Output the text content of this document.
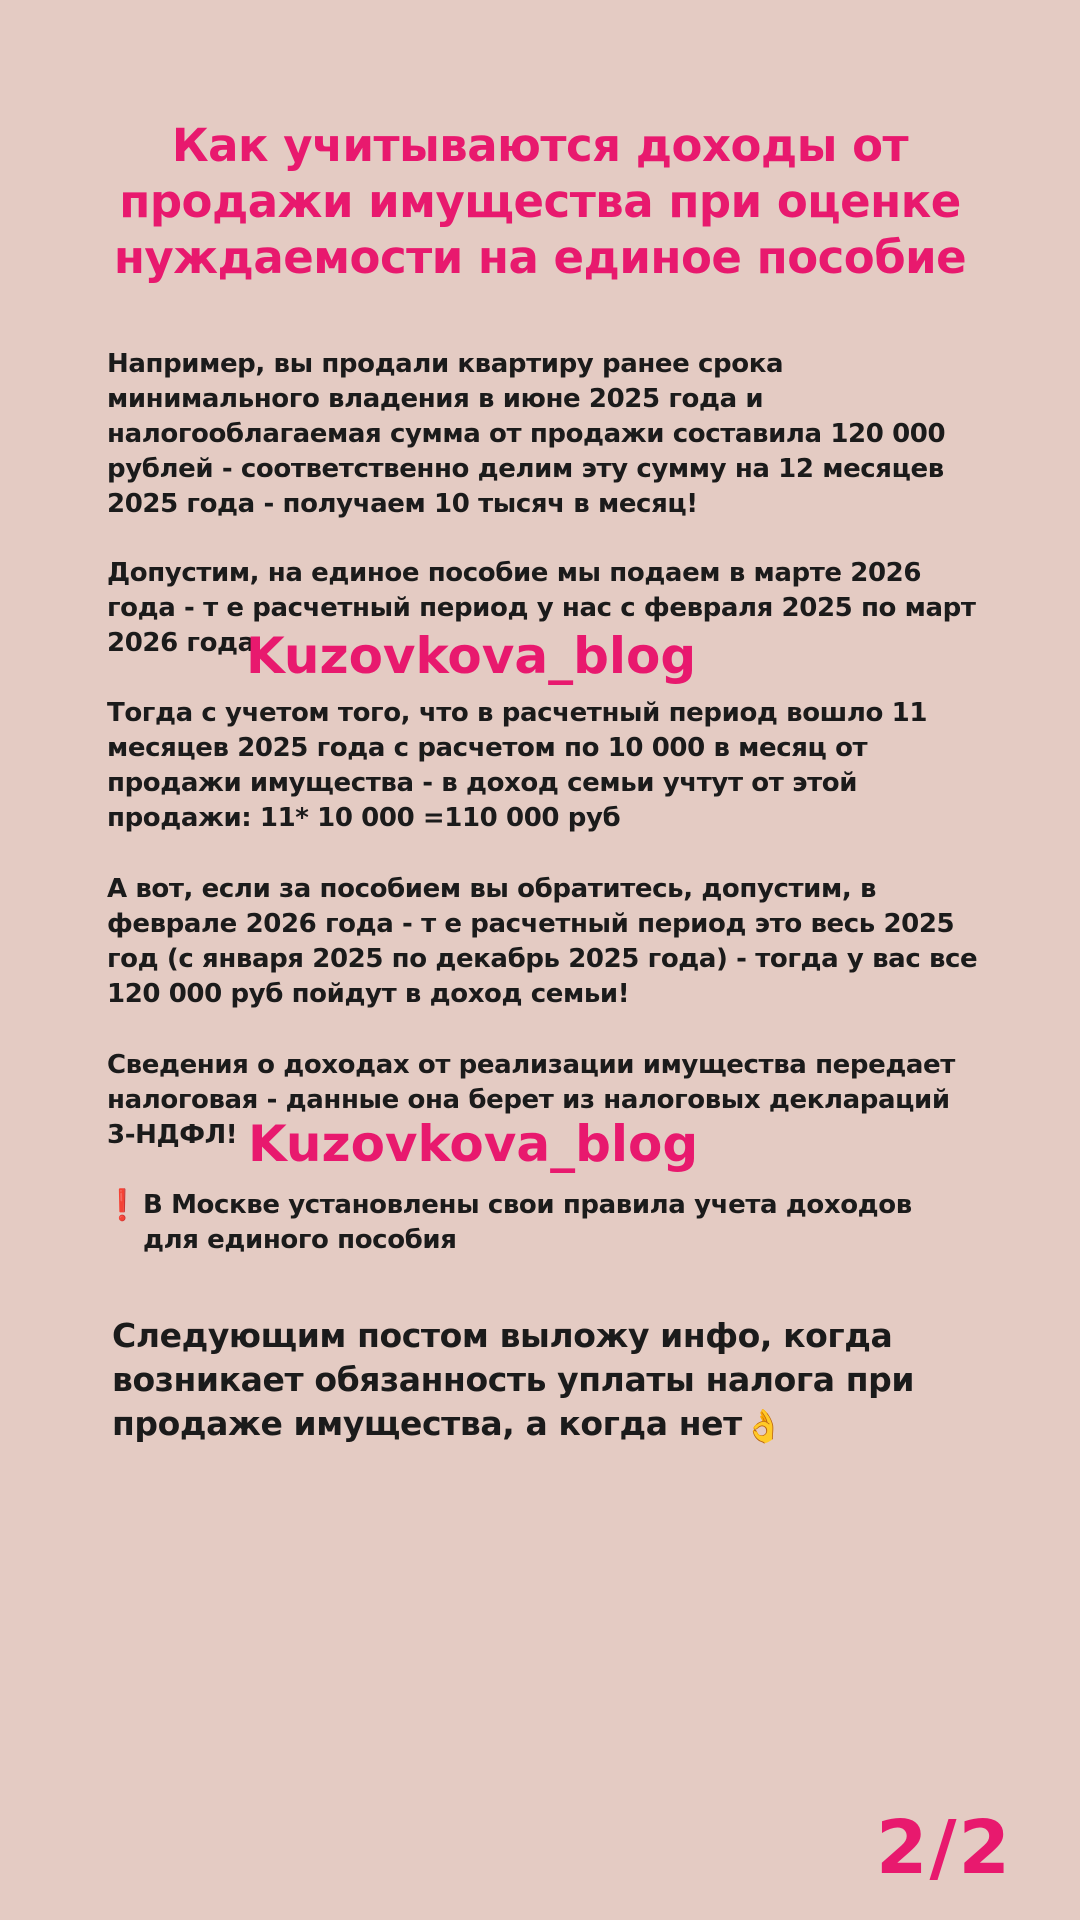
Как учитываются доходы от
продажи имущества при оценке
нуждаемости на единое пособие
Например, вы продали квартиру ранее срока
минимального владения в июне 2025 года и
налогооблагаемая сумма от продажи составила 120 000
рублей - соответственно делим эту сумму на 12 месяцев
2025 года - получаем 10 тысяч в месяц!
Допустим, на единое пособие мы подаем в марте 2026
года - т е расчетный период у нас с февраля 2025 по март
2026 года
Тогда с учетом того, что в расчетный период вошло 11
месяцев 2025 года с расчетом по 10 000 в месяц от
продажи имущества - в доход семьи учтут от этой
продажи: 11* 10 000 =110 000 руб
А вот, если за пособием вы обратитесь, допустим, в
феврале 2026 года - т е расчетный период это весь 2025
год (с января 2025 по декабрь 2025 года) - тогда у вас все
120 000 руб пойдут в доход семьи!
Сведения о доходах от реализации имущества передает
налоговая - данные она берет из налоговых деклараций
3-НДФЛ!
❗ В Москве установлены свои правила учета доходов
для единого пособия
Следующим постом выложу инфо, когда
возникает обязанность уплаты налога при
продаже имущества, а когда нет👌
Kuzovkova_blog
Kuzovkova_blog
2/2
